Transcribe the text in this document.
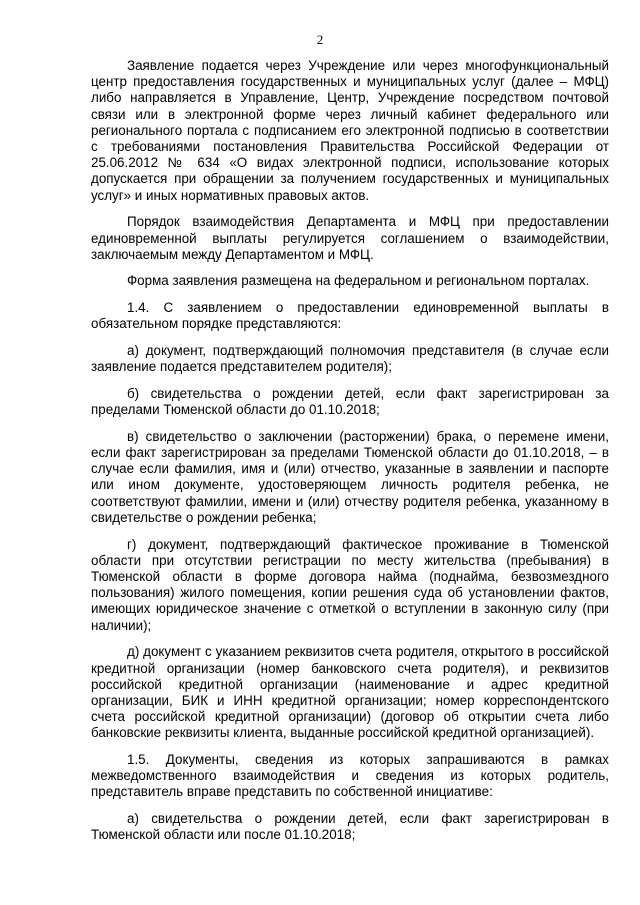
2

Заявление подается через Учреждение или через многофункциональный центр предоставления государственных и муниципальных услуг (далее – МФЦ) либо направляется в Управление, Центр, Учреждение посредством почтовой связи или в электронной форме через личный кабинет федерального или регионального портала с подписанием его электронной подписью в соответствии с требованиями постановления Правительства Российской Федерации от 25.06.2012 № 634 «О видах электронной подписи, использование которых допускается при обращении за получением государственных и муниципальных услуг» и иных нормативных правовых актов.

Порядок взаимодействия Департамента и МФЦ при предоставлении единовременной выплаты регулируется соглашением о взаимодействии, заключаемым между Департаментом и МФЦ.

Форма заявления размещена на федеральном и региональном порталах.

1.4. С заявлением о предоставлении единовременной выплаты в обязательном порядке представляются:

а) документ, подтверждающий полномочия представителя (в случае если заявление подается представителем родителя);

б) свидетельства о рождении детей, если факт зарегистрирован за пределами Тюменской области до 01.10.2018;

в) свидетельство о заключении (расторжении) брака, о перемене имени, если факт зарегистрирован за пределами Тюменской области до 01.10.2018, – в случае если фамилия, имя и (или) отчество, указанные в заявлении и паспорте или ином документе, удостоверяющем личность родителя ребенка, не соответствуют фамилии, имени и (или) отчеству родителя ребенка, указанному в свидетельстве о рождении ребенка;

г) документ, подтверждающий фактическое проживание в Тюменской области при отсутствии регистрации по месту жительства (пребывания) в Тюменской области в форме договора найма (поднайма, безвозмездного пользования) жилого помещения, копии решения суда об установлении фактов, имеющих юридическое значение с отметкой о вступлении в законную силу (при наличии);

д) документ с указанием реквизитов счета родителя, открытого в российской кредитной организации (номер банковского счета родителя), и реквизитов российской кредитной организации (наименование и адрес кредитной организации, БИК и ИНН кредитной организации; номер корреспондентского счета российской кредитной организации) (договор об открытии счета либо банковские реквизиты клиента, выданные российской кредитной организацией).

1.5. Документы, сведения из которых запрашиваются в рамках межведомственного взаимодействия и сведения из которых родитель, представитель вправе представить по собственной инициативе:

а) свидетельства о рождении детей, если факт зарегистрирован в Тюменской области или после 01.10.2018;
